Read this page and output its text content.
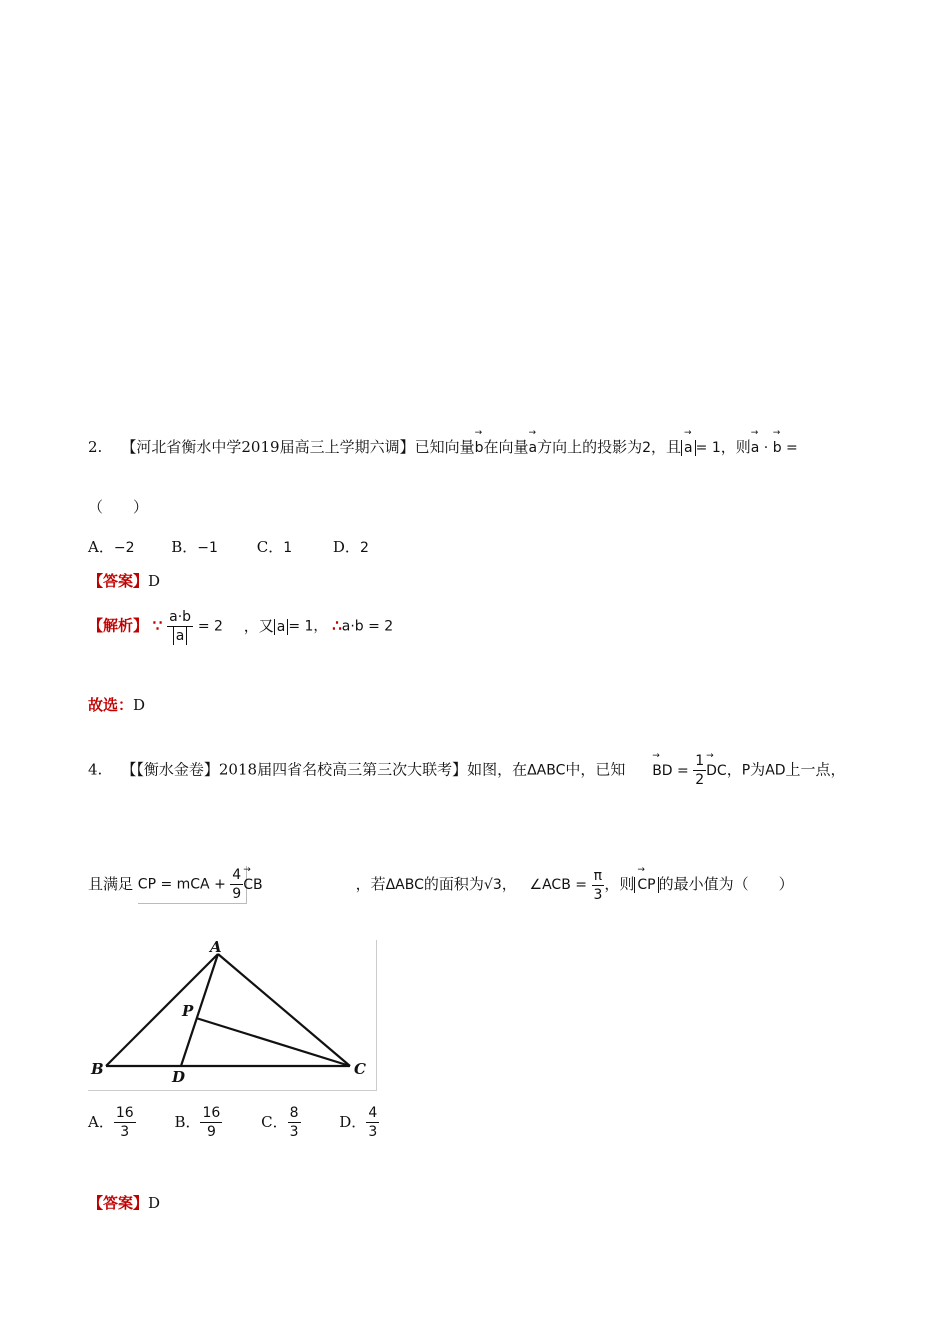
2. 【河北省衡水中学2019届高三上学期六调】已知向量→ b在向量→ a方向上的投影为2，且 → a = 1，则→ a · → b =
（　　）
A．−2 B．−1	C．1	D．2
【答案】D
【解析】 ∵ $\frac{a\cdot b}{a} = 2$ ，又 a = 1， ∴a·b = 2
故选：D
4. 【【衡水金卷】2018届四省名校高三第三次大联考】如图，在ΔABC中，已知 → BD = $\frac{1}{2}$ → DC，P为AD上一点，
且满足 CP = mCA + $\frac{4}{9}$ → CB	，若ΔABC的面积为√3， ∠ACB = $\frac{\pi}{3}$ ，则 → CP 的最小值为（　　）
A
B	C
D
P
A． $\frac{16}{3}$	B． $\frac{16}{9}$	C． $\frac{8}{3}$	D． $\frac{4}{3}$
【答案】D
